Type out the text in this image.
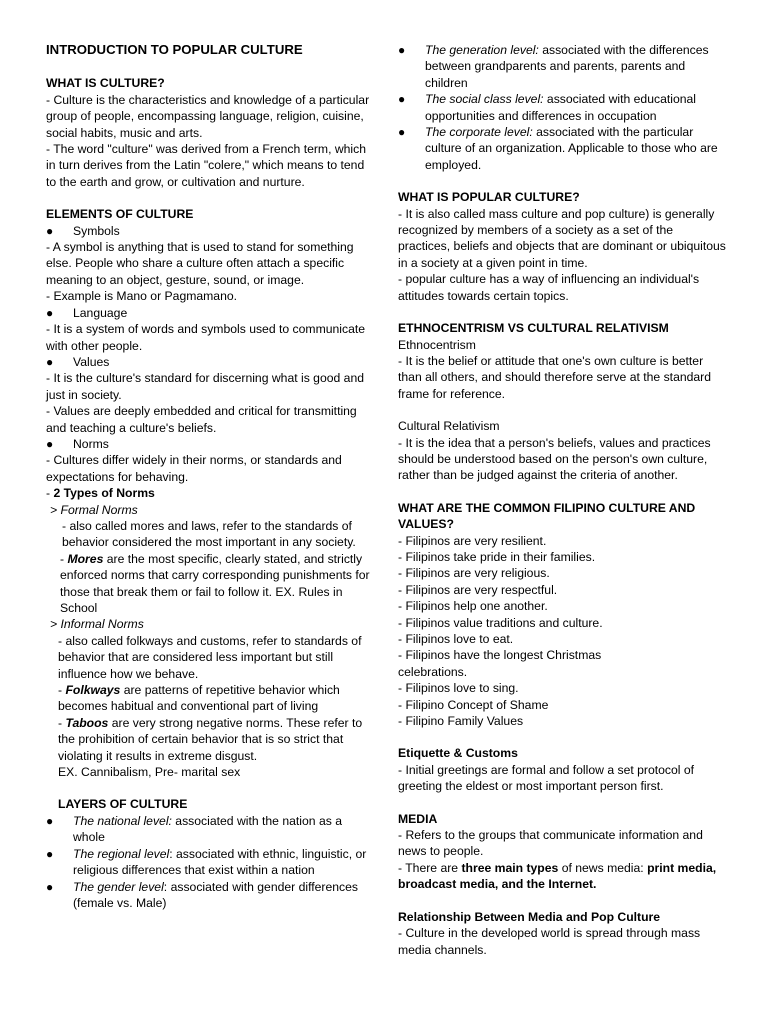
INTRODUCTION TO POPULAR CULTURE

WHAT IS CULTURE?

- Culture is the characteristics and knowledge of a particular group of people, encompassing language, religion, cuisine, social habits, music and arts.

- The word "culture" was derived from a French term, which in turn derives from the Latin "colere," which means to tend to the earth and grow, or cultivation and nurture.

ELEMENTS OF CULTURE

●	Symbols

- A symbol is anything that is used to stand for something else. People who share a culture often attach a specific meaning to an object, gesture, sound, or image.

- Example is Mano or Pagmamano.

●	Language

- It is a system of words and symbols used to communicate with other people.

●	Values

- It is the culture's standard for discerning what is good and just in society.

- Values are deeply embedded and critical for transmitting and teaching a culture's beliefs.

●	Norms

- Cultures differ widely in their norms, or standards and expectations for behaving.

- 2 Types of Norms

> Formal Norms

- also called mores and laws, refer to the standards of behavior considered the most important in any society.

- Mores are the most specific, clearly stated, and strictly enforced norms that carry corresponding punishments for those that break them or fail to follow it. EX. Rules in School

> Informal Norms

- also called folkways and customs, refer to standards of behavior that are considered less important but still influence how we behave.

- Folkways are patterns of repetitive behavior which becomes habitual and conventional part of living

- Taboos are very strong negative norms. These refer to the prohibition of certain behavior that is so strict that violating it results in extreme disgust.

EX. Cannibalism, Pre- marital sex

LAYERS OF CULTURE

●	The national level: associated with the nation as a whole
●	The regional level: associated with ethnic, linguistic, or religious differences that exist within a nation
●	The gender level: associated with gender differences (female vs. Male)
●	The generation level: associated with the differences between grandparents and parents, parents and children
●	The social class level: associated with educational opportunities and differences in occupation
●	The corporate level: associated with the particular culture of an organization. Applicable to those who are employed.

WHAT IS POPULAR CULTURE?

- It is also called mass culture and pop culture) is generally recognized by members of a society as a set of the practices, beliefs and objects that are dominant or ubiquitous in a society at a given point in time.

- popular culture has a way of influencing an individual's attitudes towards certain topics.

ETHNOCENTRISM VS CULTURAL RELATIVISM

Ethnocentrism

- It is the belief or attitude that one's own culture is better than all others, and should therefore serve at the standard frame for reference.

Cultural Relativism

- It is the idea that a person's beliefs, values and practices should be understood based on the person's own culture, rather than be judged against the criteria of another.

WHAT ARE THE COMMON FILIPINO CULTURE AND VALUES?

- Filipinos are very resilient.

- Filipinos take pride in their families.

- Filipinos are very religious.

- Filipinos are very respectful.

- Filipinos help one another.

- Filipinos value traditions and culture.

- Filipinos love to eat.

- Filipinos have the longest Christmas celebrations.

- Filipinos love to sing.

- Filipino Concept of Shame

- Filipino Family Values

Etiquette & Customs

- Initial greetings are formal and follow a set protocol of greeting the eldest or most important person first.

MEDIA

- Refers to the groups that communicate information and news to people.

- There are three main types of news media: print media, broadcast media, and the Internet.

Relationship Between Media and Pop Culture

- Culture in the developed world is spread through mass media channels.
